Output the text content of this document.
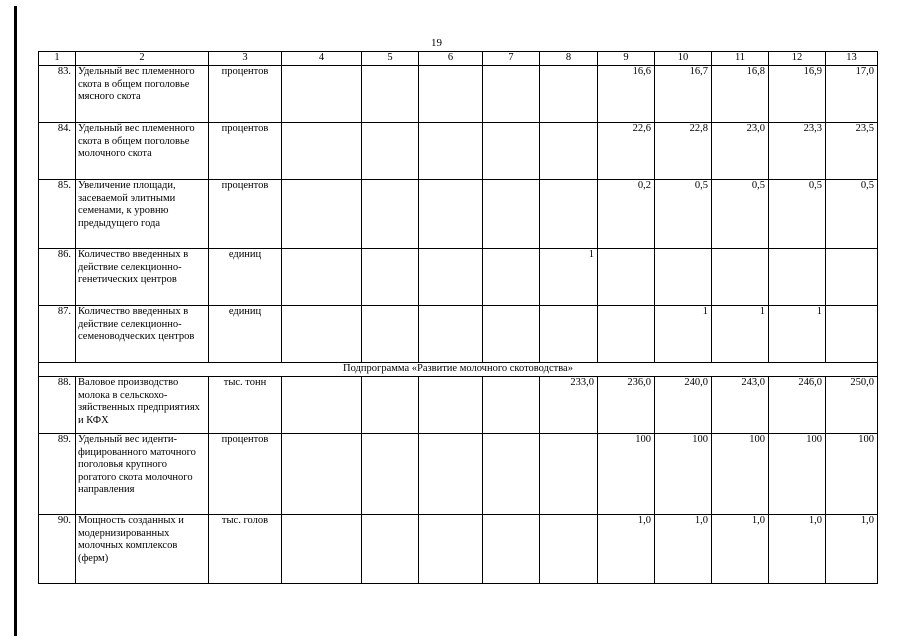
19
1	2	3	4	5	6	7	8	9	10	11	12	13
83.	Удельный вес племенного скота в общем поголовье мясного скота	процентов						16,6	16,7	16,8	16,9	17,0
84.	Удельный вес племенного скота в общем поголовье молочного скота	процентов						22,6	22,8	23,0	23,3	23,5
85.	Увеличение площади, засеваемой элитными семенами, к уровню предыдущего года	процентов						0,2	0,5	0,5	0,5	0,5
86.	Количество введенных в действие селекционно-генетических центров	единиц					1					
87.	Количество введенных в действие селекционно-семеноводческих центров	единиц							1	1	1	
Подпрограмма «Развитие молочного скотоводства»												
88.	Валовое производство молока в сельскохозяйственных предприятиях и КФХ	тыс. тонн					233,0	236,0	240,0	243,0	246,0	250,0
89.	Удельный вес идентифицированного маточного поголовья крупного рогатого скота молочного направления	процентов						100	100	100	100	100
90.	Мощность созданных и модернизированных молочных комплексов (ферм)	тыс. голов						1,0	1,0	1,0	1,0	1,0
